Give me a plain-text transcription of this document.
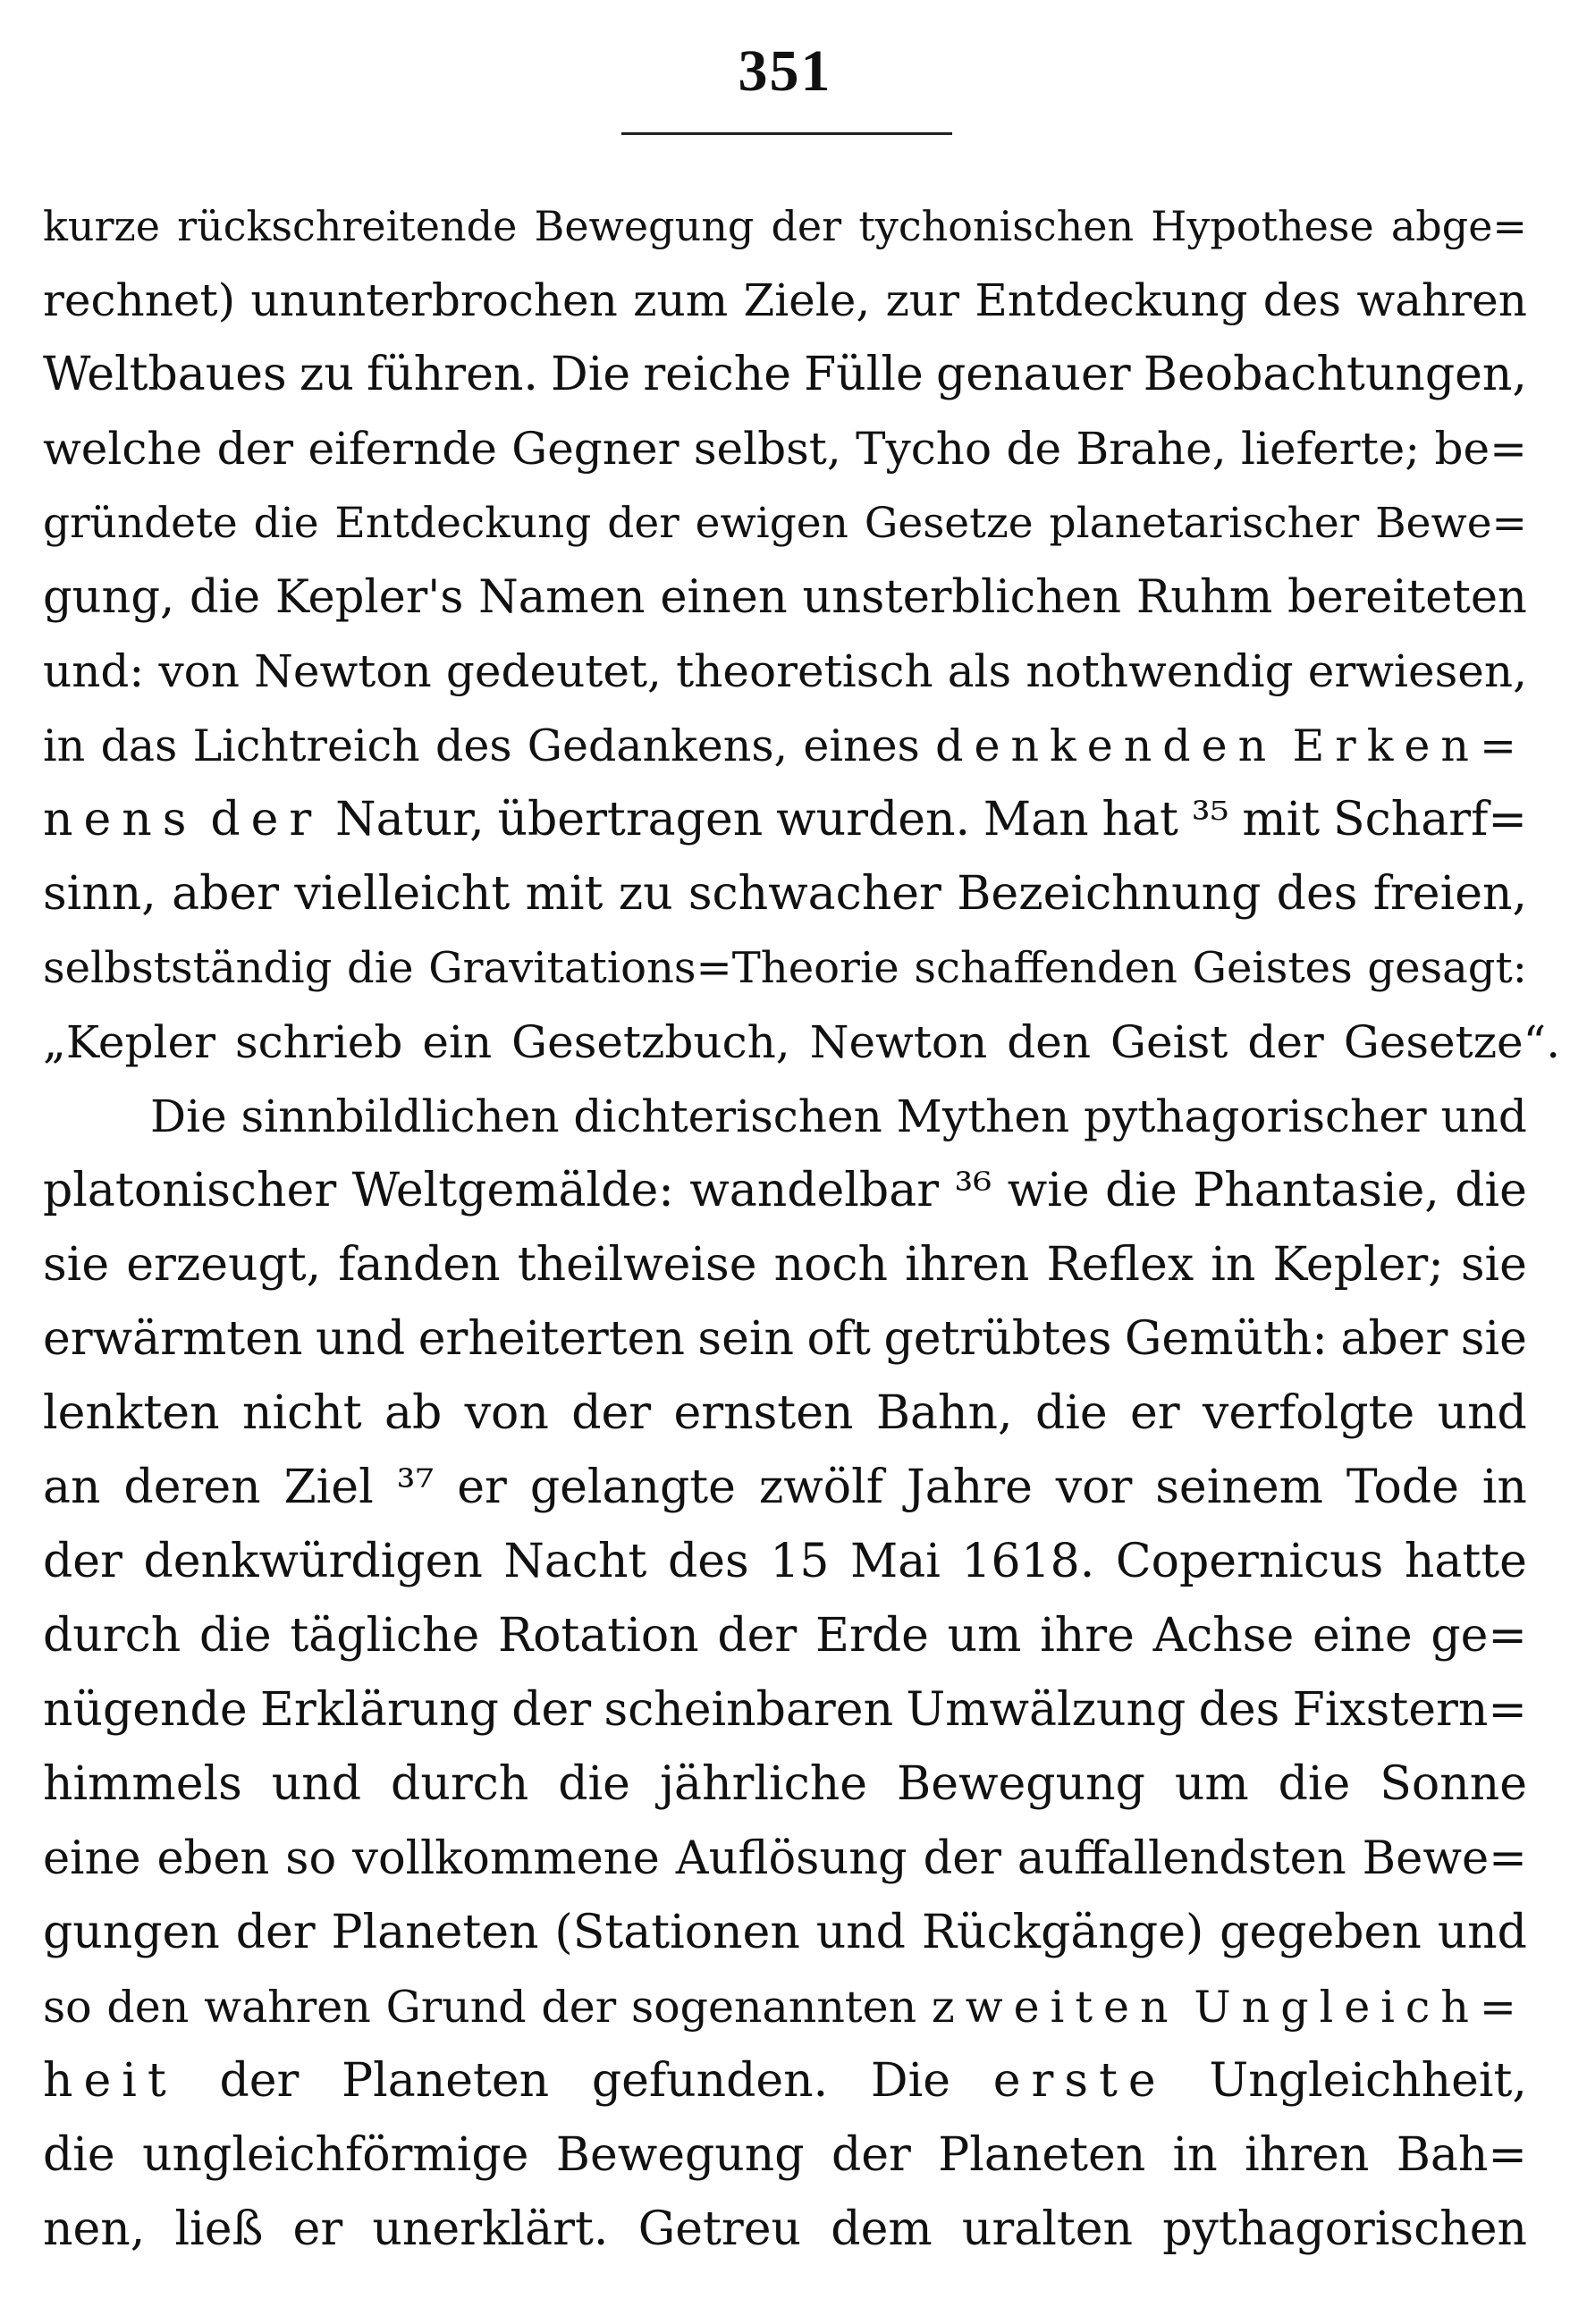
351
kurze rückschreitende Bewegung der tychonischen Hypothese abge=
rechnet) ununterbrochen zum Ziele, zur Entdeckung des wahren
Weltbaues zu führen. Die reiche Fülle genauer Beobachtungen,
welche der eifernde Gegner selbst, Tycho de Brahe, lieferte; be=
gründete die Entdeckung der ewigen Gesetze planetarischer Bewe=
gung, die Kepler's Namen einen unsterblichen Ruhm bereiteten
und: von Newton gedeutet, theoretisch als nothwendig erwiesen,
in das Lichtreich des Gedankens, eines denkenden Erken=
nens der Natur, übertragen wurden. Man hat ³⁵ mit Scharf=
sinn, aber vielleicht mit zu schwacher Bezeichnung des freien,
selbstständig die Gravitations=Theorie schaffenden Geistes gesagt:
„Kepler schrieb ein Gesetzbuch, Newton den Geist der Gesetze“.
Die sinnbildlichen dichterischen Mythen pythagorischer und
platonischer Weltgemälde: wandelbar ³⁶ wie die Phantasie, die
sie erzeugt, fanden theilweise noch ihren Reflex in Kepler; sie
erwärmten und erheiterten sein oft getrübtes Gemüth: aber sie
lenkten nicht ab von der ernsten Bahn, die er verfolgte und
an deren Ziel ³⁷ er gelangte zwölf Jahre vor seinem Tode in
der denkwürdigen Nacht des 15 Mai 1618. Copernicus hatte
durch die tägliche Rotation der Erde um ihre Achse eine ge=
nügende Erklärung der scheinbaren Umwälzung des Fixstern=
himmels und durch die jährliche Bewegung um die Sonne
eine eben so vollkommene Auflösung der auffallendsten Bewe=
gungen der Planeten (Stationen und Rückgänge) gegeben und
so den wahren Grund der sogenannten zweiten Ungleich=
heit der Planeten gefunden. Die erste Ungleichheit,
die ungleichförmige Bewegung der Planeten in ihren Bah=
nen, ließ er unerklärt. Getreu dem uralten pythagorischen
